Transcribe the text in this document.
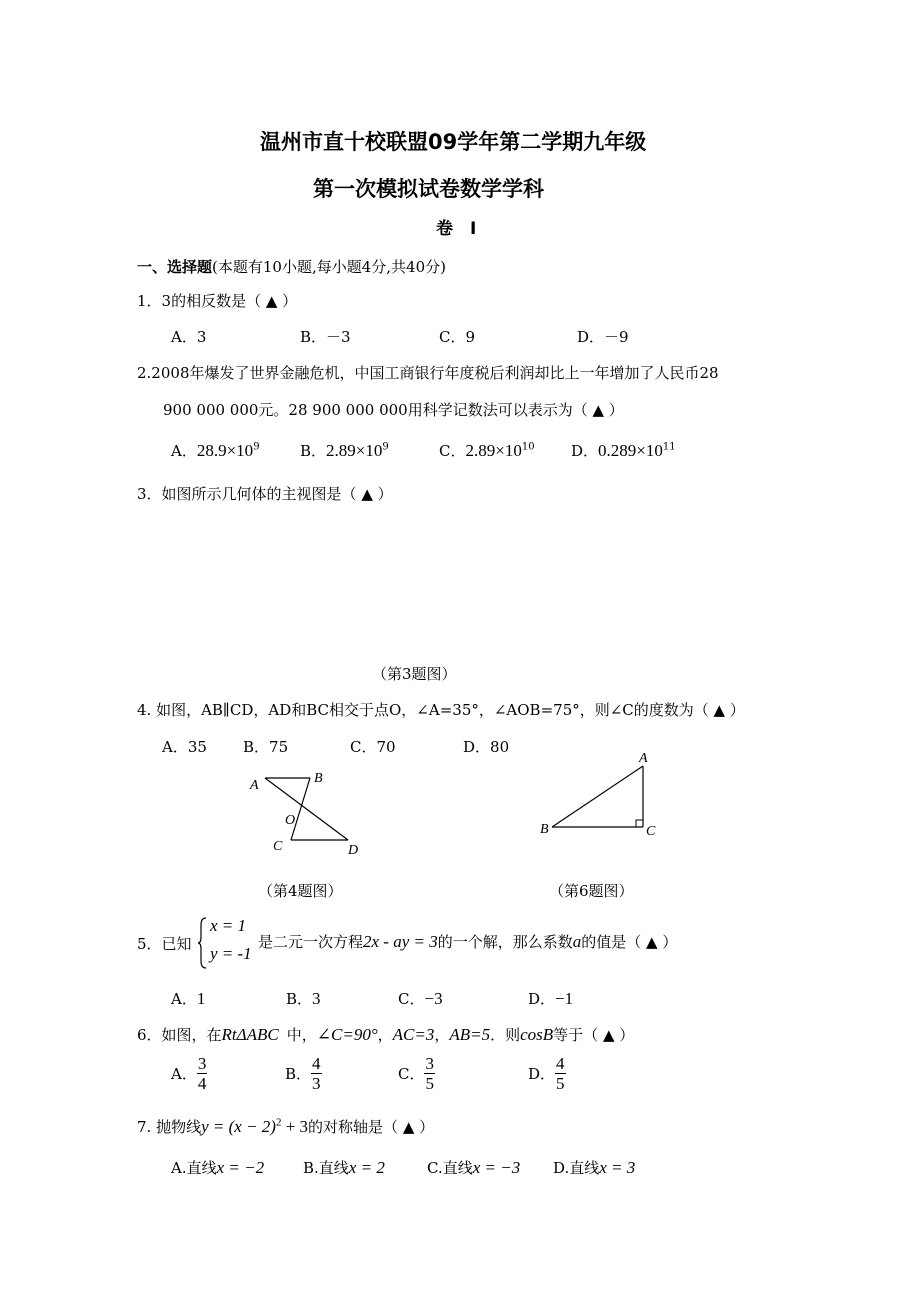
温州市直十校联盟09学年第二学期九年级
第一次模拟试卷数学学科
卷　I
一、选择题(本题有10小题,每小题4分,共40分)
1．3的相反数是（ ▲ ）
A．3	B．－3	C．9	D．－9
2.2008年爆发了世界金融危机，中国工商银行年度税后利润却比上一年增加了人民币28
900 000 000元。28 900 000 000用科学记数法可以表示为（ ▲ ）
A．$28.9\times 10^9$	B．$2.89\times 10^9$	C．$2.89\times 10^{10}$ D．$0.289\times 10^{11}$
3．如图所示几何体的主视图是（ ▲ ）
（第3题图）
4. 如图，AB∥CD，AD和BC相交于点O，∠A=35°，∠AOB=75°，则∠C的度数为（ ▲ ）
A．35 B．75	C．70	D．80
A	B
O
C	D
（第4题图）
A
B	C
（第6题图）
5．已知
x = 1
y = -1
是二元一次方程2x - ay = 3的一个解，那么系数a的值是（ ▲ ）
A．1	B．3	C．−3	D．−1
6．如图，在RtΔABC 中，∠C=90°，AC=3，AB=5．则cosB等于（ ▲ ）
A． $\frac{3}{4}$	B． $\frac{4}{3}$	C． $\frac{3}{5}$	D． $\frac{4}{5}$
7. 抛物线$y = (x - 2)^2 + 3$的对称轴是（ ▲ ）
A.直线x = −2	B.直线x = 2	C.直线x = −3 D.直线x = 3
